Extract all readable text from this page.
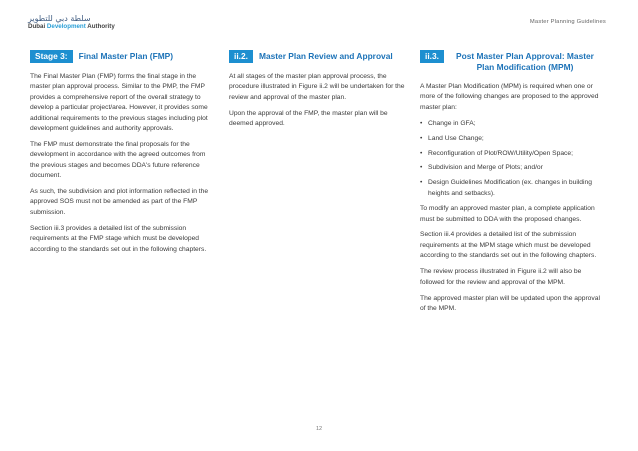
سلطة دبي للتطوير
Dubai Development Authority
Master Planning Guidelines
Stage 3:	Final Master Plan (FMP)

The Final Master Plan (FMP) forms the final stage in the master plan approval process. Similar to the PMP, the FMP provides a comprehensive report of the overall strategy to develop a particular project/area. However, it provides some additional requirements to the previous stages including plot development guidelines and authority approvals.

The FMP must demonstrate the final proposals for the development in accordance with the agreed outcomes from the previous stages and becomes DDA's future reference document.

As such, the subdivision and plot information reflected in the approved SOS must not be amended as part of the FMP submission.

Section iii.3 provides a detailed list of the submission requirements at the FMP stage which must be developed according to the standards set out in the following chapters.

ii.2.	Master Plan Review and Approval

At all stages of the master plan approval process, the procedure illustrated in Figure ii.2 will be undertaken for the review and approval of the master plan.

Upon the approval of the FMP, the master plan will be deemed approved.

ii.3.	Post Master Plan Approval: Master Plan Modification (MPM)

A Master Plan Modification (MPM) is required when one or more of the following changes are proposed to the approved master plan:

• Change in GFA;
• Land Use Change;
• Reconfiguration of Plot/ROW/Utility/Open Space;
• Subdivision and Merge of Plots; and/or
• Design Guidelines Modification (ex. changes in building heights and setbacks).

To modify an approved master plan, a complete application must be submitted to DDA with the proposed changes.

Section iii.4 provides a detailed list of the submission requirements at the MPM stage which must be developed according to the standards set out in the following chapters.

The review process illustrated in Figure ii.2 will also be followed for the review and approval of the MPM.

The approved master plan will be updated upon the approval of the MPM.

12
